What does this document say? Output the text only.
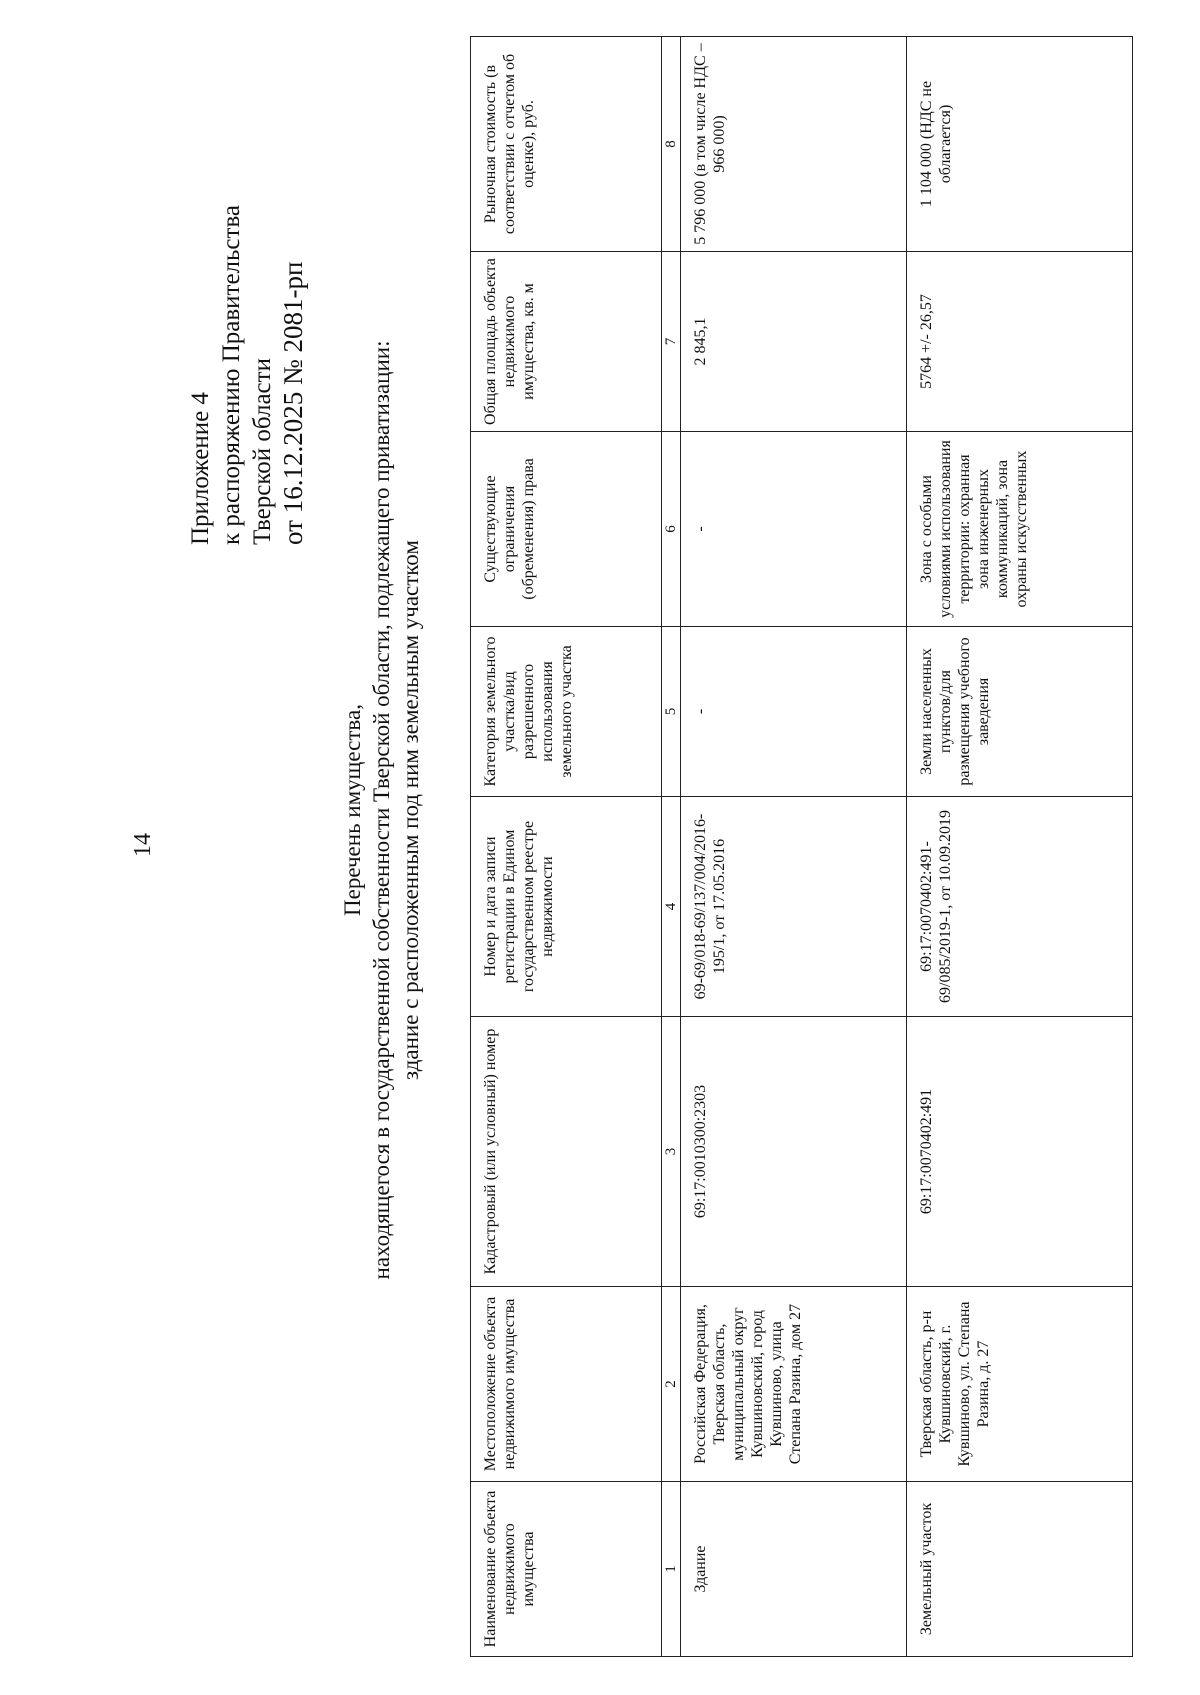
14
Приложение 4 к распоряжению Правительства Тверской области от 16.12.2025 № 2081-рп
Перечень имущества, находящегося в государственной собственности Тверской области, подлежащего приватизации: здание с расположенным под ним земельным участком
Наименование объекта недвижимого имущества	Местоположение объекта недвижимого имущества	Кадастровый (или условный) номер	Номер и дата записи регистрации в Едином государственном реестре недвижимости	Категория земельного участка/вид разрешенного использования земельного участка	Существующие ограничения (обременения) права	Общая площадь объекта недвижимого имущества, кв. м	Рыночная стоимость (в соответствии с отчетом об оценке), руб.
1	2	3	4	5	6	7	8
Здание	Российская Федерация, Тверская область, муниципальный округ Кувшиновский, город Кувшиново, улица Степана Разина, дом 27	69:17:0010300:2303	69-69/018-69/137/004/2016-195/1, от 17.05.2016	-	-	2 845,1	5 796 000 (в том числе НДС – 966 000)
Земельный участок	Тверская область, р-н Кувшиновский, г. Кувшиново, ул. Степана Разина, д. 27	69:17:0070402:491	69:17:0070402:491-69/085/2019-1, от 10.09.2019	Земли населенных пунктов/для размещения учебного заведения	Зона с особыми условиями использования территории: охранная зона инженерных коммуникаций, зона охраны искусственных	5764 +/- 26,57	1 104 000 (НДС не облагается)
